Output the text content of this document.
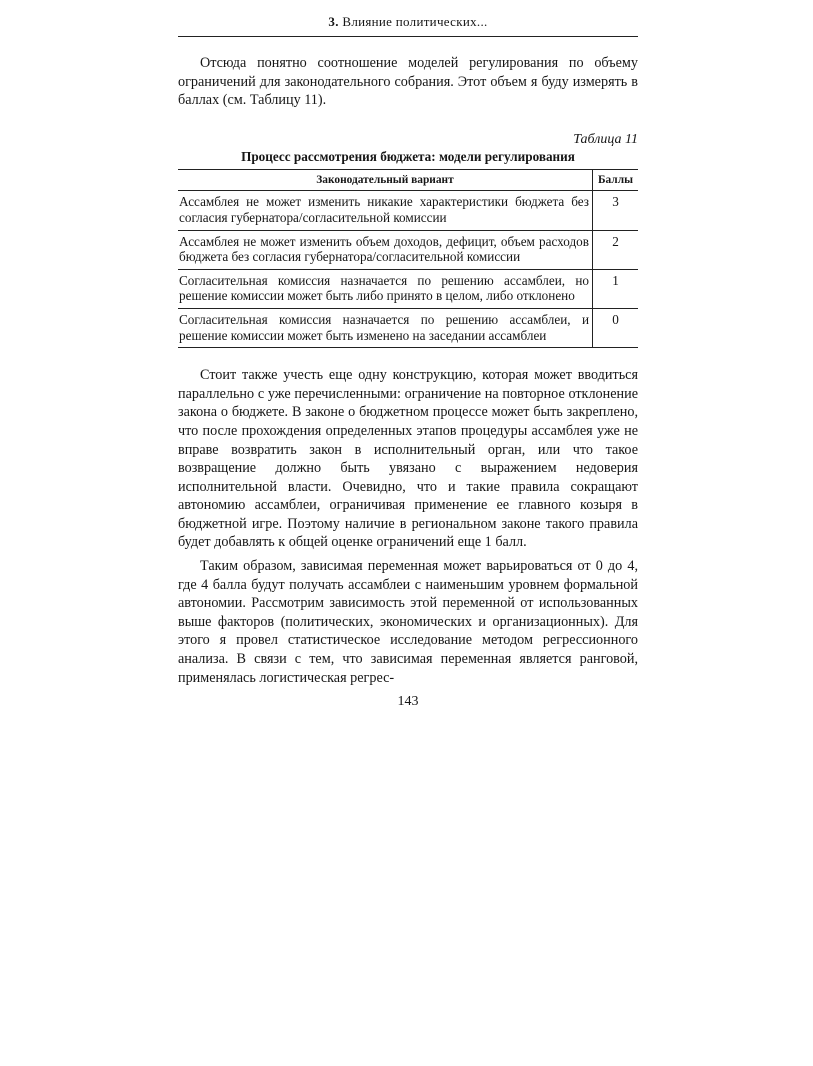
3. Влияние политических...

Отсюда понятно соотношение моделей регулирования по объему ограничений для законодательного собрания. Этот объем я буду измерять в баллах (см. Таблицу 11).

Таблица 11
Процесс рассмотрения бюджета: модели регулирования
Законодательный вариант	Баллы
Ассамблея не может изменить никакие характеристики бюджета без согласия губернатора/согласительной комиссии	3
Ассамблея не может изменить объем доходов, дефицит, объем расходов бюджета без согласия губернатора/согласительной комиссии	2
Согласительная комиссия назначается по решению ассамблеи, но решение комиссии может быть либо принято в целом, либо отклонено	1
Согласительная комиссия назначается по решению ассамблеи, и решение комиссии может быть изменено на заседании ассамблеи	0

Стоит также учесть еще одну конструкцию, которая может вводиться параллельно с уже перечисленными: ограничение на повторное отклонение закона о бюджете. В законе о бюджетном процессе может быть закреплено, что после прохождения определенных этапов процедуры ассамблея уже не вправе возвратить закон в исполнительный орган, или что такое возвращение должно быть увязано с выражением недоверия исполнительной власти. Очевидно, что и такие правила сокращают автономию ассамблеи, ограничивая применение ее главного козыря в бюджетной игре. Поэтому наличие в региональном законе такого правила будет добавлять к общей оценке ограничений еще 1 балл.

Таким образом, зависимая переменная может варьироваться от 0 до 4, где 4 балла будут получать ассамблеи с наименьшим уровнем формальной автономии. Рассмотрим зависимость этой переменной от использованных выше факторов (политических, экономических и организационных). Для этого я провел статистическое исследование методом регрессионного анализа. В связи с тем, что зависимая переменная является ранговой, применялась логистическая регрес-

143
